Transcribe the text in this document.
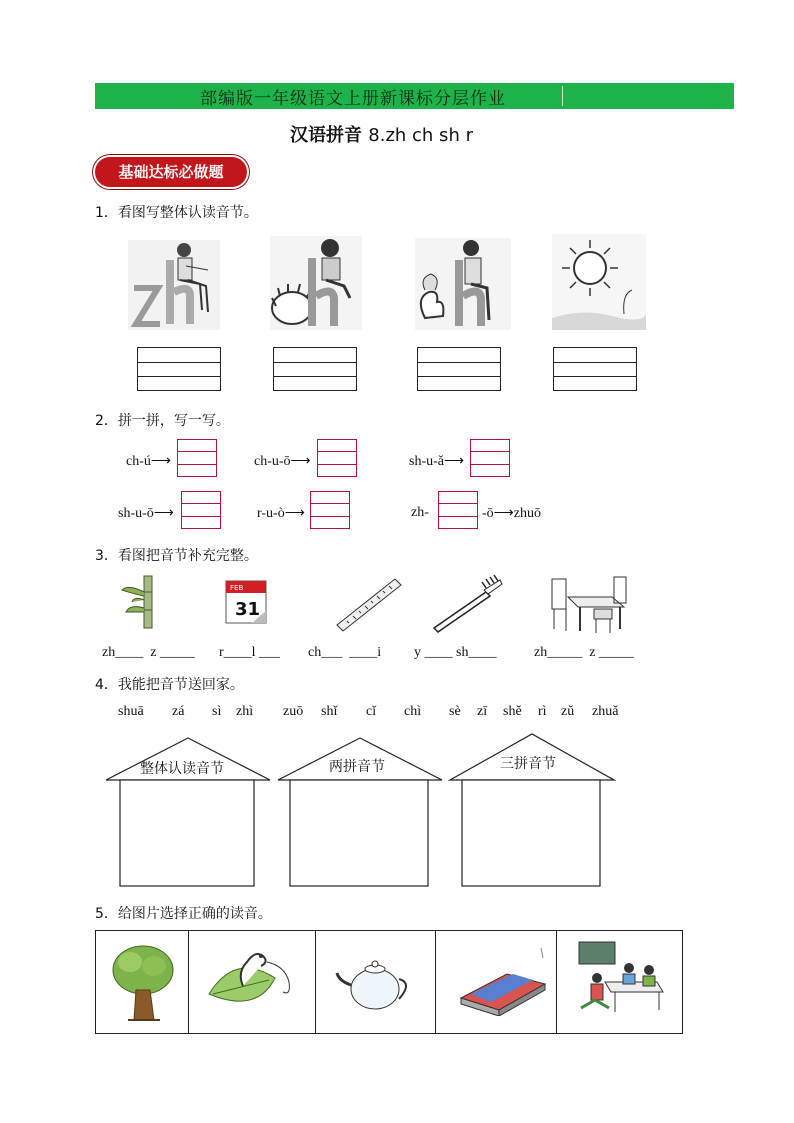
部编版一年级语文上册新课标分层作业
汉语拼音 8.zh ch sh r
基础达标必做题
1．看图写整体认读音节。
2．拼一拼，写一写。
ch-ú⟶	ch-u-ō⟶	sh-u-ǎ⟶
sh-u-ō⟶	r-u-ò⟶	zh-	-ō⟶zhuō
3．看图把音节补充完整。
FEB
31
zh____  z _____ r____l ___ ch___  ____i y ____ sh____	zh_____  z _____
4．我能把音节送回家。
shuā zá sì zhì zuō shǐ cǐ chì sè zī shě rì zǔ zhuǎ
整体认读音节	两拼音节	三拼音节
5．给图片选择正确的读音。
